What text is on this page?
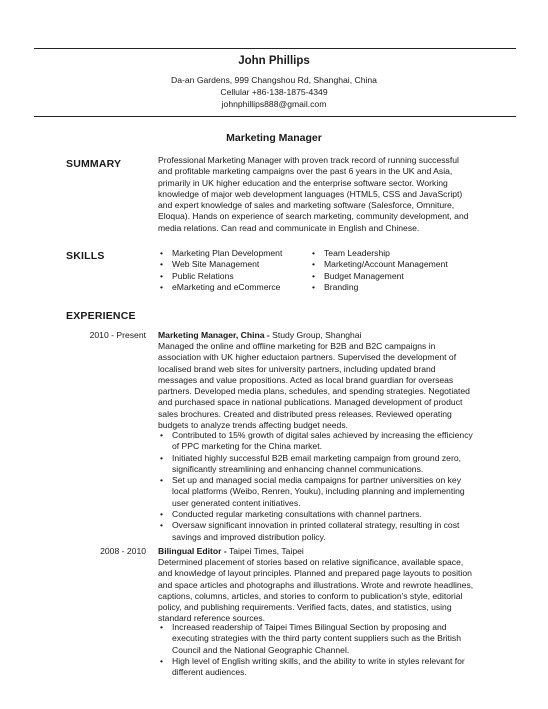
John Phillips
Da-an Gardens, 999 Changshou Rd, Shanghai, China
Cellular +86-138-1875-4349
johnphillips888@gmail.com
Marketing Manager
SUMMARY	Professional Marketing Manager with proven track record of running successful and profitable marketing campaigns over the past 6 years in the UK and Asia, primarily in UK higher education and the enterprise software sector. Working knowledge of major web development languages (HTML5, CSS and JavaScript) and expert knowledge of sales and marketing software (Salesforce, Omniture, Eloqua). Hands on experience of search marketing, community development, and media relations. Can read and communicate in English and Chinese.
SKILLS	• Marketing Plan Development
• Web Site Management
• Public Relations
• eMarketing and eCommerce
• Team Leadership
• Marketing/Account Management
• Budget Management
• Branding
EXPERIENCE
2010 - Present Marketing Manager, China - Study Group, Shanghai
Managed the online and offline marketing for B2B and B2C campaigns in association with UK higher eductaion partners. Supervised the development of localised brand web sites for university partners, including updated brand messages and value propositions. Acted as local brand guardian for overseas partners. Developed media plans, schedules, and spending strategies. Negotiated and purchased space in national publications. Managed development of product sales brochures. Created and distributed press releases. Reviewed operating budgets to analyze trends affecting budget needs.
• Contributed to 15% growth of digital sales achieved by increasing the efficiency of PPC marketing for the China market.
• Initiated highly successful B2B email marketing campaign from ground zero, significantly streamlining and enhancing channel communications.
• Set up and managed social media campaigns for partner universities on key local platforms (Weibo, Renren, Youku), including planning and implementing user generated content initiatives.
• Conducted regular marketing consultations with channel partners.
• Oversaw significant innovation in printed collateral strategy, resulting in cost savings and improved distribution policy.
2008 - 2010 Bilingual Editor - Taipei Times, Taipei
Determined placement of stories based on relative significance, available space, and knowledge of layout principles. Planned and prepared page layouts to position and space articles and photographs and illustrations. Wrote and rewrote headlines, captions, columns, articles, and stories to conform to publication's style, editorial policy, and publishing requirements. Verified facts, dates, and statistics, using standard reference sources.
• Increased readership of Taipei Times Bilingual Section by proposing and executing strategies with the third party content suppliers such as the British Council and the National Geographic Channel.
• High level of English writing skills, and the ability to write in styles relevant for different audiences.
